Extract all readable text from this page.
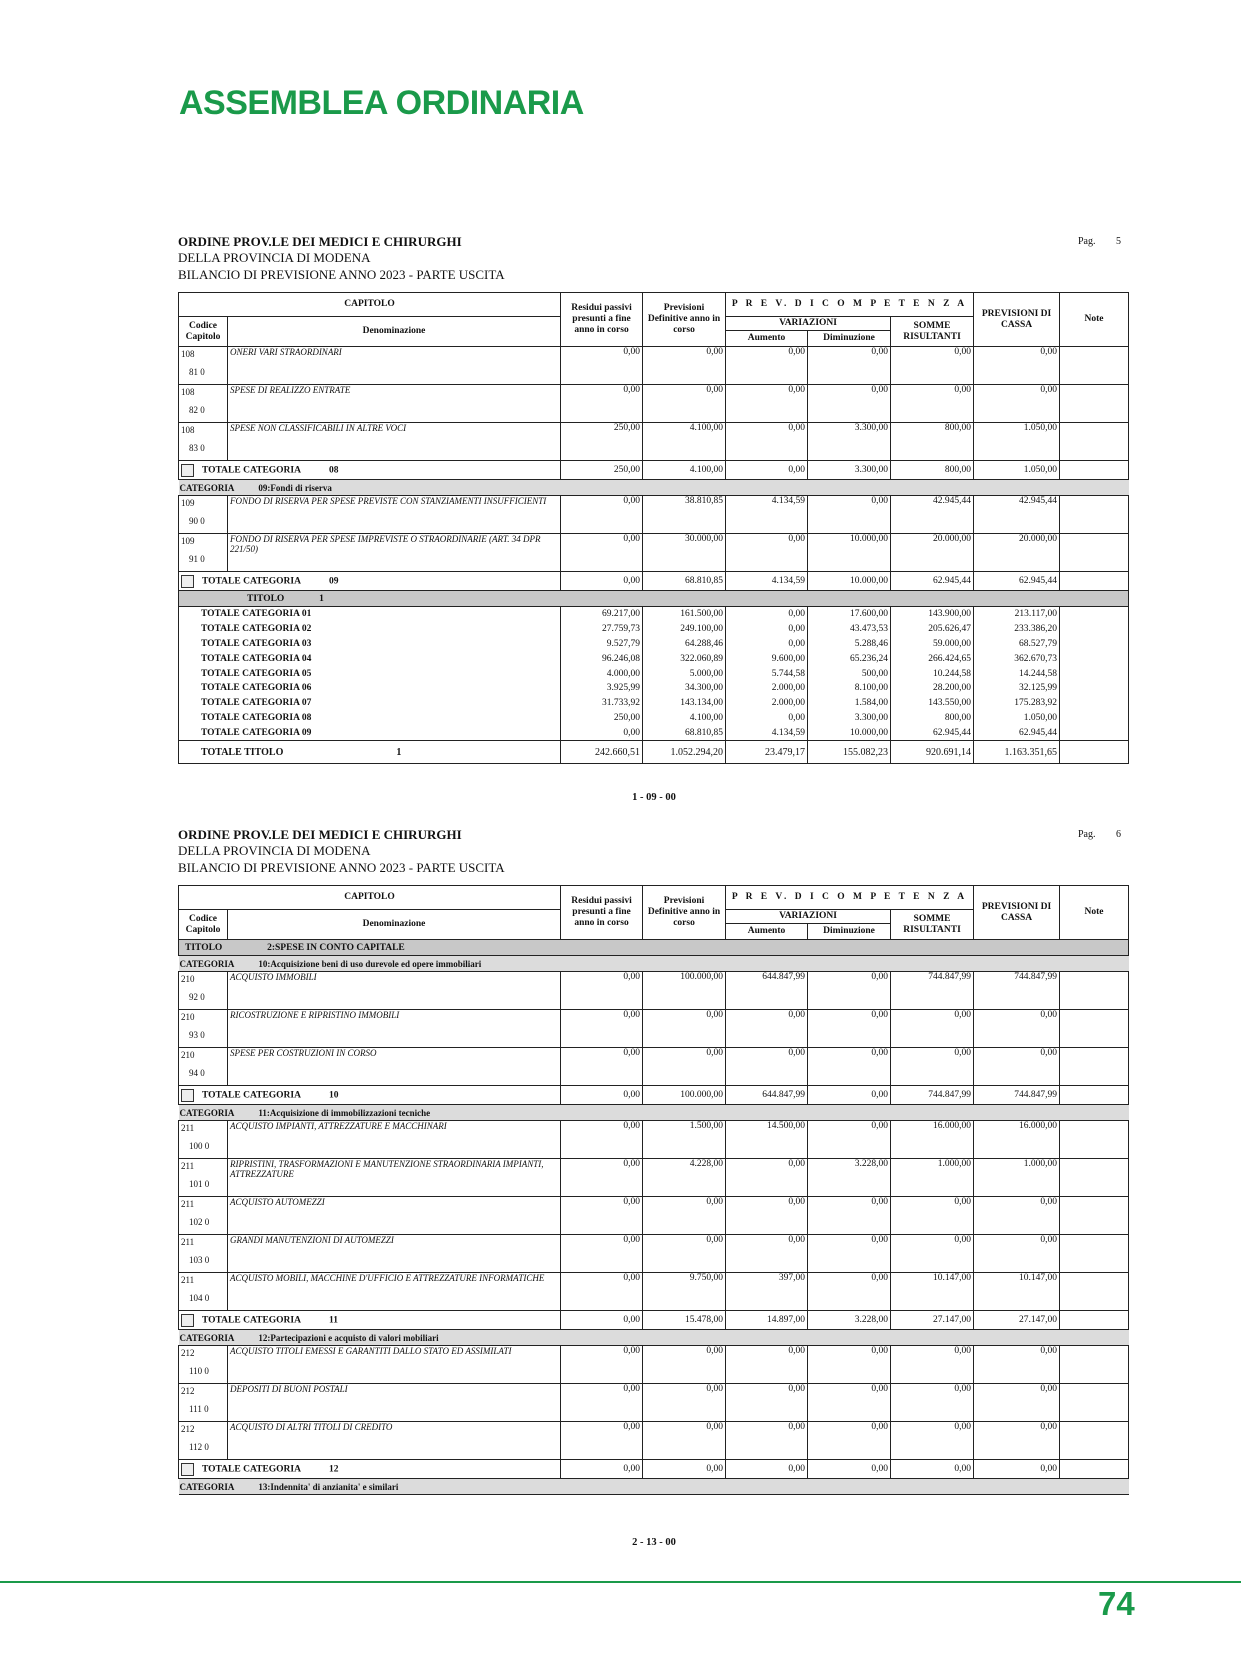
ASSEMBLEA ORDINARIA
ORDINE PROV.LE DEI MEDICI E CHIRURGHI
DELLA PROVINCIA DI MODENA
BILANCIO DI PREVISIONE ANNO 2023 - PARTE USCITA
Pag. 5
CAPITOLO		Residui passivi presunti a fine anno in corso	Previsioni Definitive anno in corso	P R E V. D I C O M P E T E N Z A			PREVISIONI DI CASSA	Note
Codice Capitolo	Denominazione			VARIAZIONI		SOMME RISULTANTI		
				Aumento	Diminuzione			

108
81 0	ONERI VARI STRAORDINARI	0,00	0,00	0,00	0,00	0,00	0,00	

108
82 0	SPESE DI REALIZZO ENTRATE	0,00	0,00	0,00	0,00	0,00	0,00	

108
83 0	SPESE NON CLASSIFICABILI IN ALTRE VOCI	250,00	4.100,00	0,00	3.300,00	800,00	1.050,00	
TOTALE CATEGORIA 08		250,00	4.100,00	0,00	3.300,00	800,00	1.050,00	
CATEGORIA 09:Fondi di riserva								

109
90 0	FONDO DI RISERVA PER SPESE PREVISTE CON STANZIAMENTI INSUFFICIENTI	0,00	38.810,85	4.134,59	0,00	42.945,44	42.945,44	

109
91 0	FONDO DI RISERVA PER SPESE IMPREVISTE O STRAORDINARIE (ART. 34 DPR 221/50)	0,00	30.000,00	0,00	10.000,00	20.000,00	20.000,00	
TOTALE CATEGORIA 09		0,00	68.810,85	4.134,59	10.000,00	62.945,44	62.945,44	
TITOLO 1								
TOTALE CATEGORIA 01		69.217,00	161.500,00	0,00	17.600,00	143.900,00	213.117,00	
TOTALE CATEGORIA 02		27.759,73	249.100,00	0,00	43.473,53	205.626,47	233.386,20	
TOTALE CATEGORIA 03		9.527,79	64.288,46	0,00	5.288,46	59.000,00	68.527,79	
TOTALE CATEGORIA 04		96.246,08	322.060,89	9.600,00	65.236,24	266.424,65	362.670,73	
TOTALE CATEGORIA 05		4.000,00	5.000,00	5.744,58	500,00	10.244,58	14.244,58	
TOTALE CATEGORIA 06		3.925,99	34.300,00	2.000,00	8.100,00	28.200,00	32.125,99	
TOTALE CATEGORIA 07		31.733,92	143.134,00	2.000,00	1.584,00	143.550,00	175.283,92	
TOTALE CATEGORIA 08		250,00	4.100,00	0,00	3.300,00	800,00	1.050,00	
TOTALE CATEGORIA 09		0,00	68.810,85	4.134,59	10.000,00	62.945,44	62.945,44	
TOTALE TITOLO 1		242.660,51	1.052.294,20	23.479,17	155.082,23	920.691,14	1.163.351,65	
1 - 09 - 00
ORDINE PROV.LE DEI MEDICI E CHIRURGHI
DELLA PROVINCIA DI MODENA
BILANCIO DI PREVISIONE ANNO 2023 - PARTE USCITA
Pag. 6
CAPITOLO		Residui passivi presunti a fine anno in corso	Previsioni Definitive anno in corso	P R E V. D I C O M P E T E N Z A			PREVISIONI DI CASSA	Note
Codice Capitolo	Denominazione			VARIAZIONI		SOMME RISULTANTI		
				Aumento	Diminuzione			
TITOLO 2:SPESE IN CONTO CAPITALE								
CATEGORIA 10:Acquisizione beni di uso durevole ed opere immobiliari								

210
92 0	ACQUISTO IMMOBILI	0,00	100.000,00	644.847,99	0,00	744.847,99	744.847,99	

210
93 0	RICOSTRUZIONE E RIPRISTINO IMMOBILI	0,00	0,00	0,00	0,00	0,00	0,00	

210
94 0	SPESE PER COSTRUZIONI IN CORSO	0,00	0,00	0,00	0,00	0,00	0,00	
TOTALE CATEGORIA 10		0,00	100.000,00	644.847,99	0,00	744.847,99	744.847,99	
CATEGORIA 11:Acquisizione di immobilizzazioni tecniche								

211
100 0	ACQUISTO IMPIANTI, ATTREZZATURE E MACCHINARI	0,00	1.500,00	14.500,00	0,00	16.000,00	16.000,00	

211
101 0	RIPRISTINI, TRASFORMAZIONI E MANUTENZIONE STRAORDINARIA IMPIANTI, ATTREZZATURE	0,00	4.228,00	0,00	3.228,00	1.000,00	1.000,00	

211
102 0	ACQUISTO AUTOMEZZI	0,00	0,00	0,00	0,00	0,00	0,00	

211
103 0	GRANDI MANUTENZIONI DI AUTOMEZZI	0,00	0,00	0,00	0,00	0,00	0,00	

211
104 0	ACQUISTO MOBILI, MACCHINE D'UFFICIO E ATTREZZATURE INFORMATICHE	0,00	9.750,00	397,00	0,00	10.147,00	10.147,00	
TOTALE CATEGORIA 11		0,00	15.478,00	14.897,00	3.228,00	27.147,00	27.147,00	
CATEGORIA 12:Partecipazioni e acquisto di valori mobiliari								

212
110 0	ACQUISTO TITOLI EMESSI E GARANTITI DALLO STATO ED ASSIMILATI	0,00	0,00	0,00	0,00	0,00	0,00	

212
111 0	DEPOSITI DI BUONI POSTALI	0,00	0,00	0,00	0,00	0,00	0,00	

212
112 0	ACQUISTO DI ALTRI TITOLI DI CREDITO	0,00	0,00	0,00	0,00	0,00	0,00	
TOTALE CATEGORIA 12		0,00	0,00	0,00	0,00	0,00	0,00	
CATEGORIA 13:Indennita' di anzianita' e similari								
2 - 13 - 00
74
